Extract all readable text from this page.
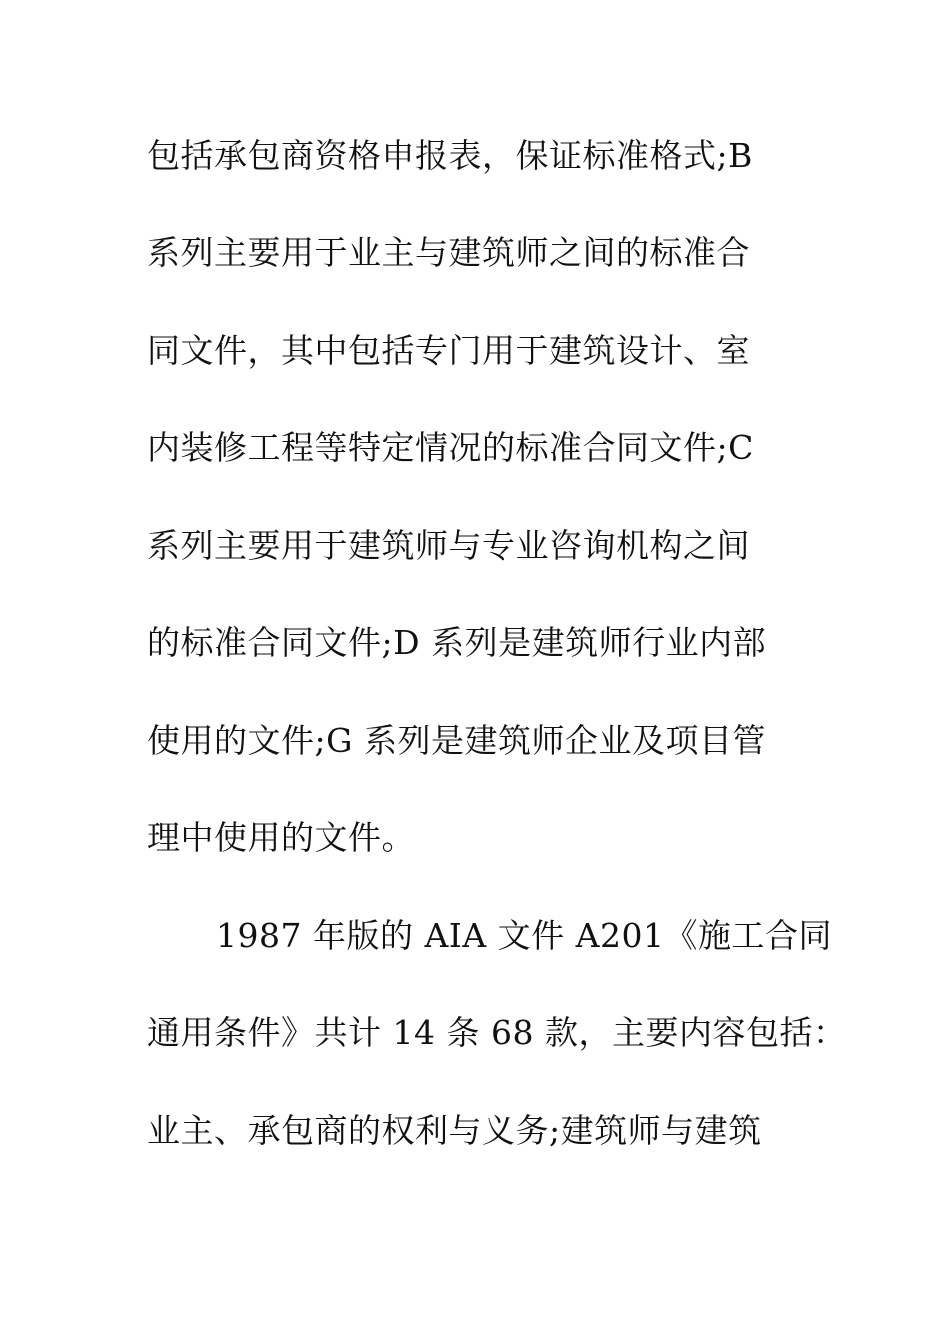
包括承包商资格申报表，保证标准格式;B
系列主要用于业主与建筑师之间的标准合
同文件，其中包括专门用于建筑设计、室
内装修工程等特定情况的标准合同文件;C
系列主要用于建筑师与专业咨询机构之间
的标准合同文件;D 系列是建筑师行业内部
使用的文件;G 系列是建筑师企业及项目管
理中使用的文件。
1987 年版的 AIA 文件 A201《施工合同
通用条件》共计 14 条 68 款，主要内容包括：
业主、承包商的权利与义务;建筑师与建筑
